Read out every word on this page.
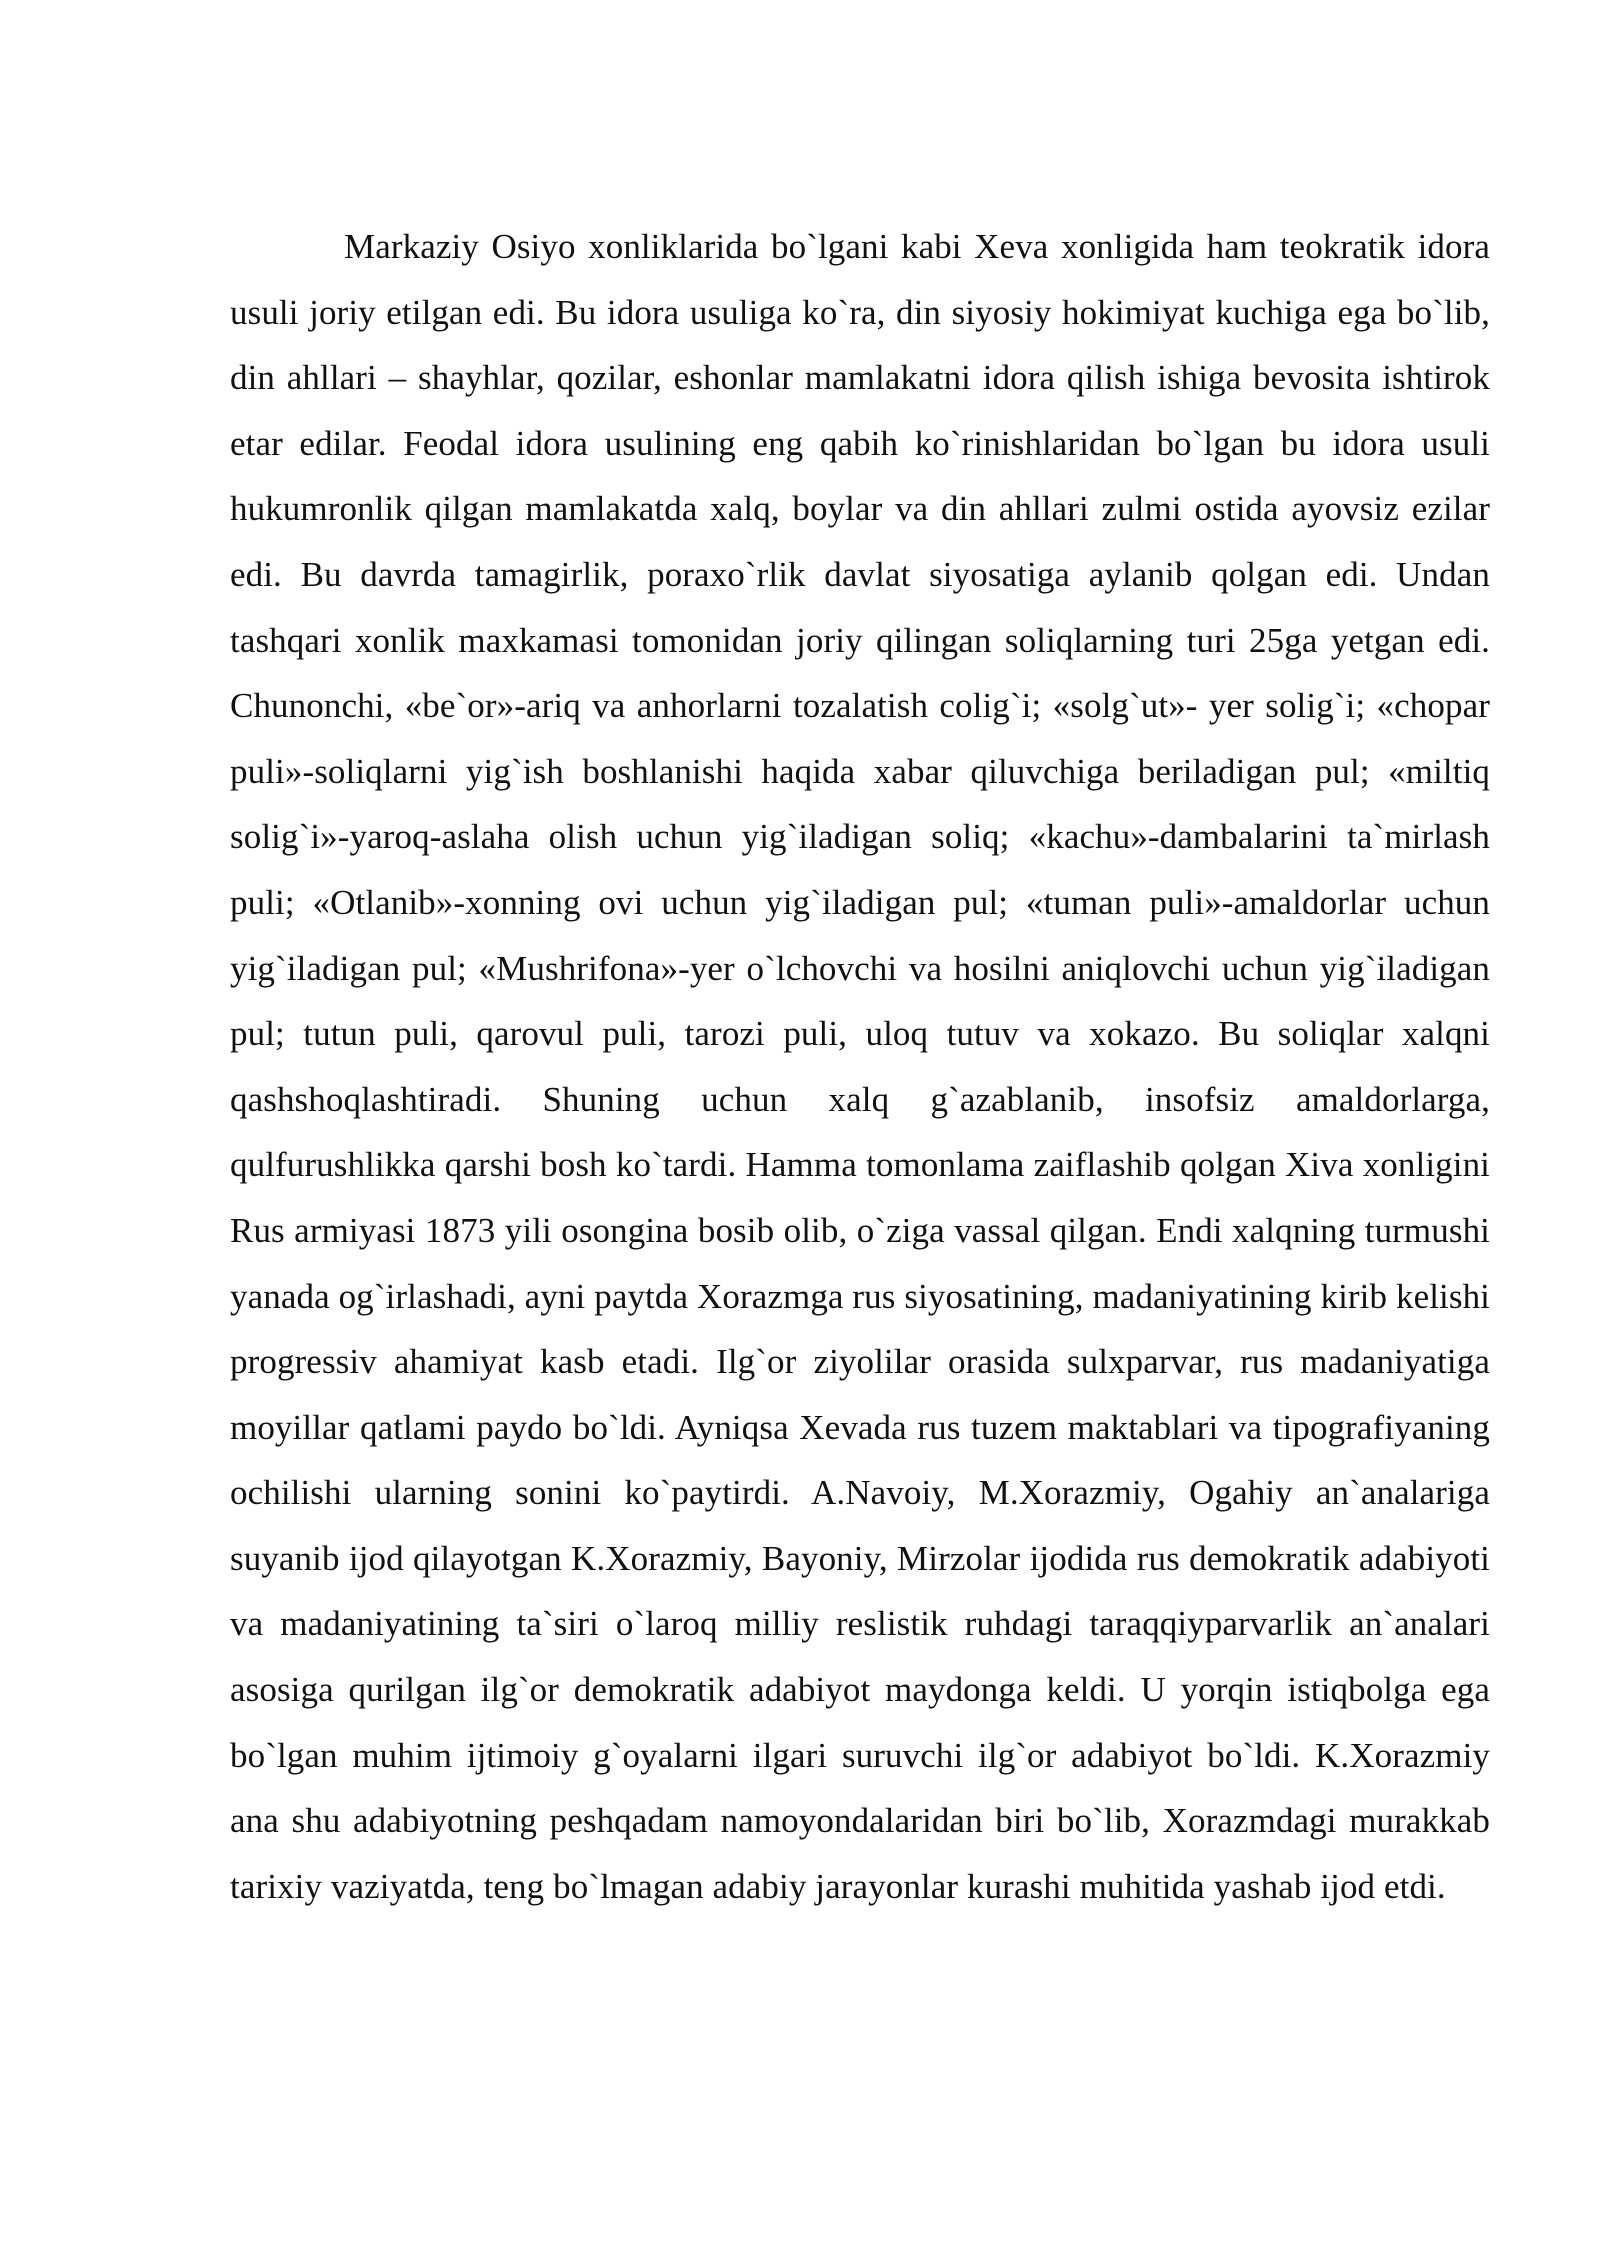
Markaziy Osiyo xonliklarida bo`lgani kabi Xeva xonligida ham teokratik idora usuli joriy etilgan edi. Bu idora usuliga ko`ra, din siyosiy hokimiyat kuchiga ega bo`lib, din ahllari – shayhlar, qozilar, eshonlar mamlakatni idora qilish ishiga bevosita ishtirok etar edilar. Feodal idora usulining eng qabih ko`rinishlaridan bo`lgan bu idora usuli hukumronlik qilgan mamlakatda xalq, boylar va din ahllari zulmi ostida ayovsiz ezilar edi. Bu davrda tamagirlik, poraxo`rlik davlat siyosatiga aylanib qolgan edi. Undan tashqari xonlik maxkamasi tomonidan joriy qilingan soliqlarning turi 25ga yetgan edi. Chunonchi, «be`or»-ariq va anhorlarni tozalatish colig`i; «solg`ut»- yer solig`i; «chopar puli»-soliqlarni yig`ish boshlanishi haqida xabar qiluvchiga beriladigan pul; «miltiq solig`i»-yaroq-aslaha olish uchun yig`iladigan soliq; «kachu»-dambalarini ta`mirlash puli; «Otlanib»-xonning ovi uchun yig`iladigan pul; «tuman puli»-amaldorlar uchun yig`iladigan pul; «Mushrifona»-yer o`lchovchi va hosilni aniqlovchi uchun yig`iladigan pul; tutun puli, qarovul puli, tarozi puli, uloq tutuv va xokazo. Bu soliqlar xalqni qashshoqlashtiradi. Shuning uchun xalq g`azablanib, insofsiz amaldorlarga, qulfurushlikka qarshi bosh ko`tardi. Hamma tomonlama zaiflashib qolgan Xiva xonligini Rus armiyasi 1873 yili osongina bosib olib, o`ziga vassal qilgan. Endi xalqning turmushi yanada og`irlashadi, ayni paytda Xorazmga rus siyosatining, madaniyatining kirib kelishi progressiv ahamiyat kasb etadi. Ilg`or ziyolilar orasida sulxparvar, rus madaniyatiga moyillar qatlami paydo bo`ldi. Ayniqsa Xevada rus tuzem maktablari va tipografiyaning ochilishi ularning sonini ko`paytirdi. A.Navoiy, M.Xorazmiy, Ogahiy an`analariga suyanib ijod qilayotgan K.Xorazmiy, Bayoniy, Mirzolar ijodida rus demokratik adabiyoti va madaniyatining ta`siri o`laroq milliy reslistik ruhdagi taraqqiyparvarlik an`analari asosiga qurilgan ilg`or demokratik adabiyot maydonga keldi. U yorqin istiqbolga ega bo`lgan muhim ijtimoiy g`oyalarni ilgari suruvchi ilg`or adabiyot bo`ldi. K.Xorazmiy ana shu adabiyotning peshqadam namoyondalaridan biri bo`lib, Xorazmdagi murakkab tarixiy vaziyatda, teng bo`lmagan adabiy jarayonlar kurashi muhitida yashab ijod etdi.
